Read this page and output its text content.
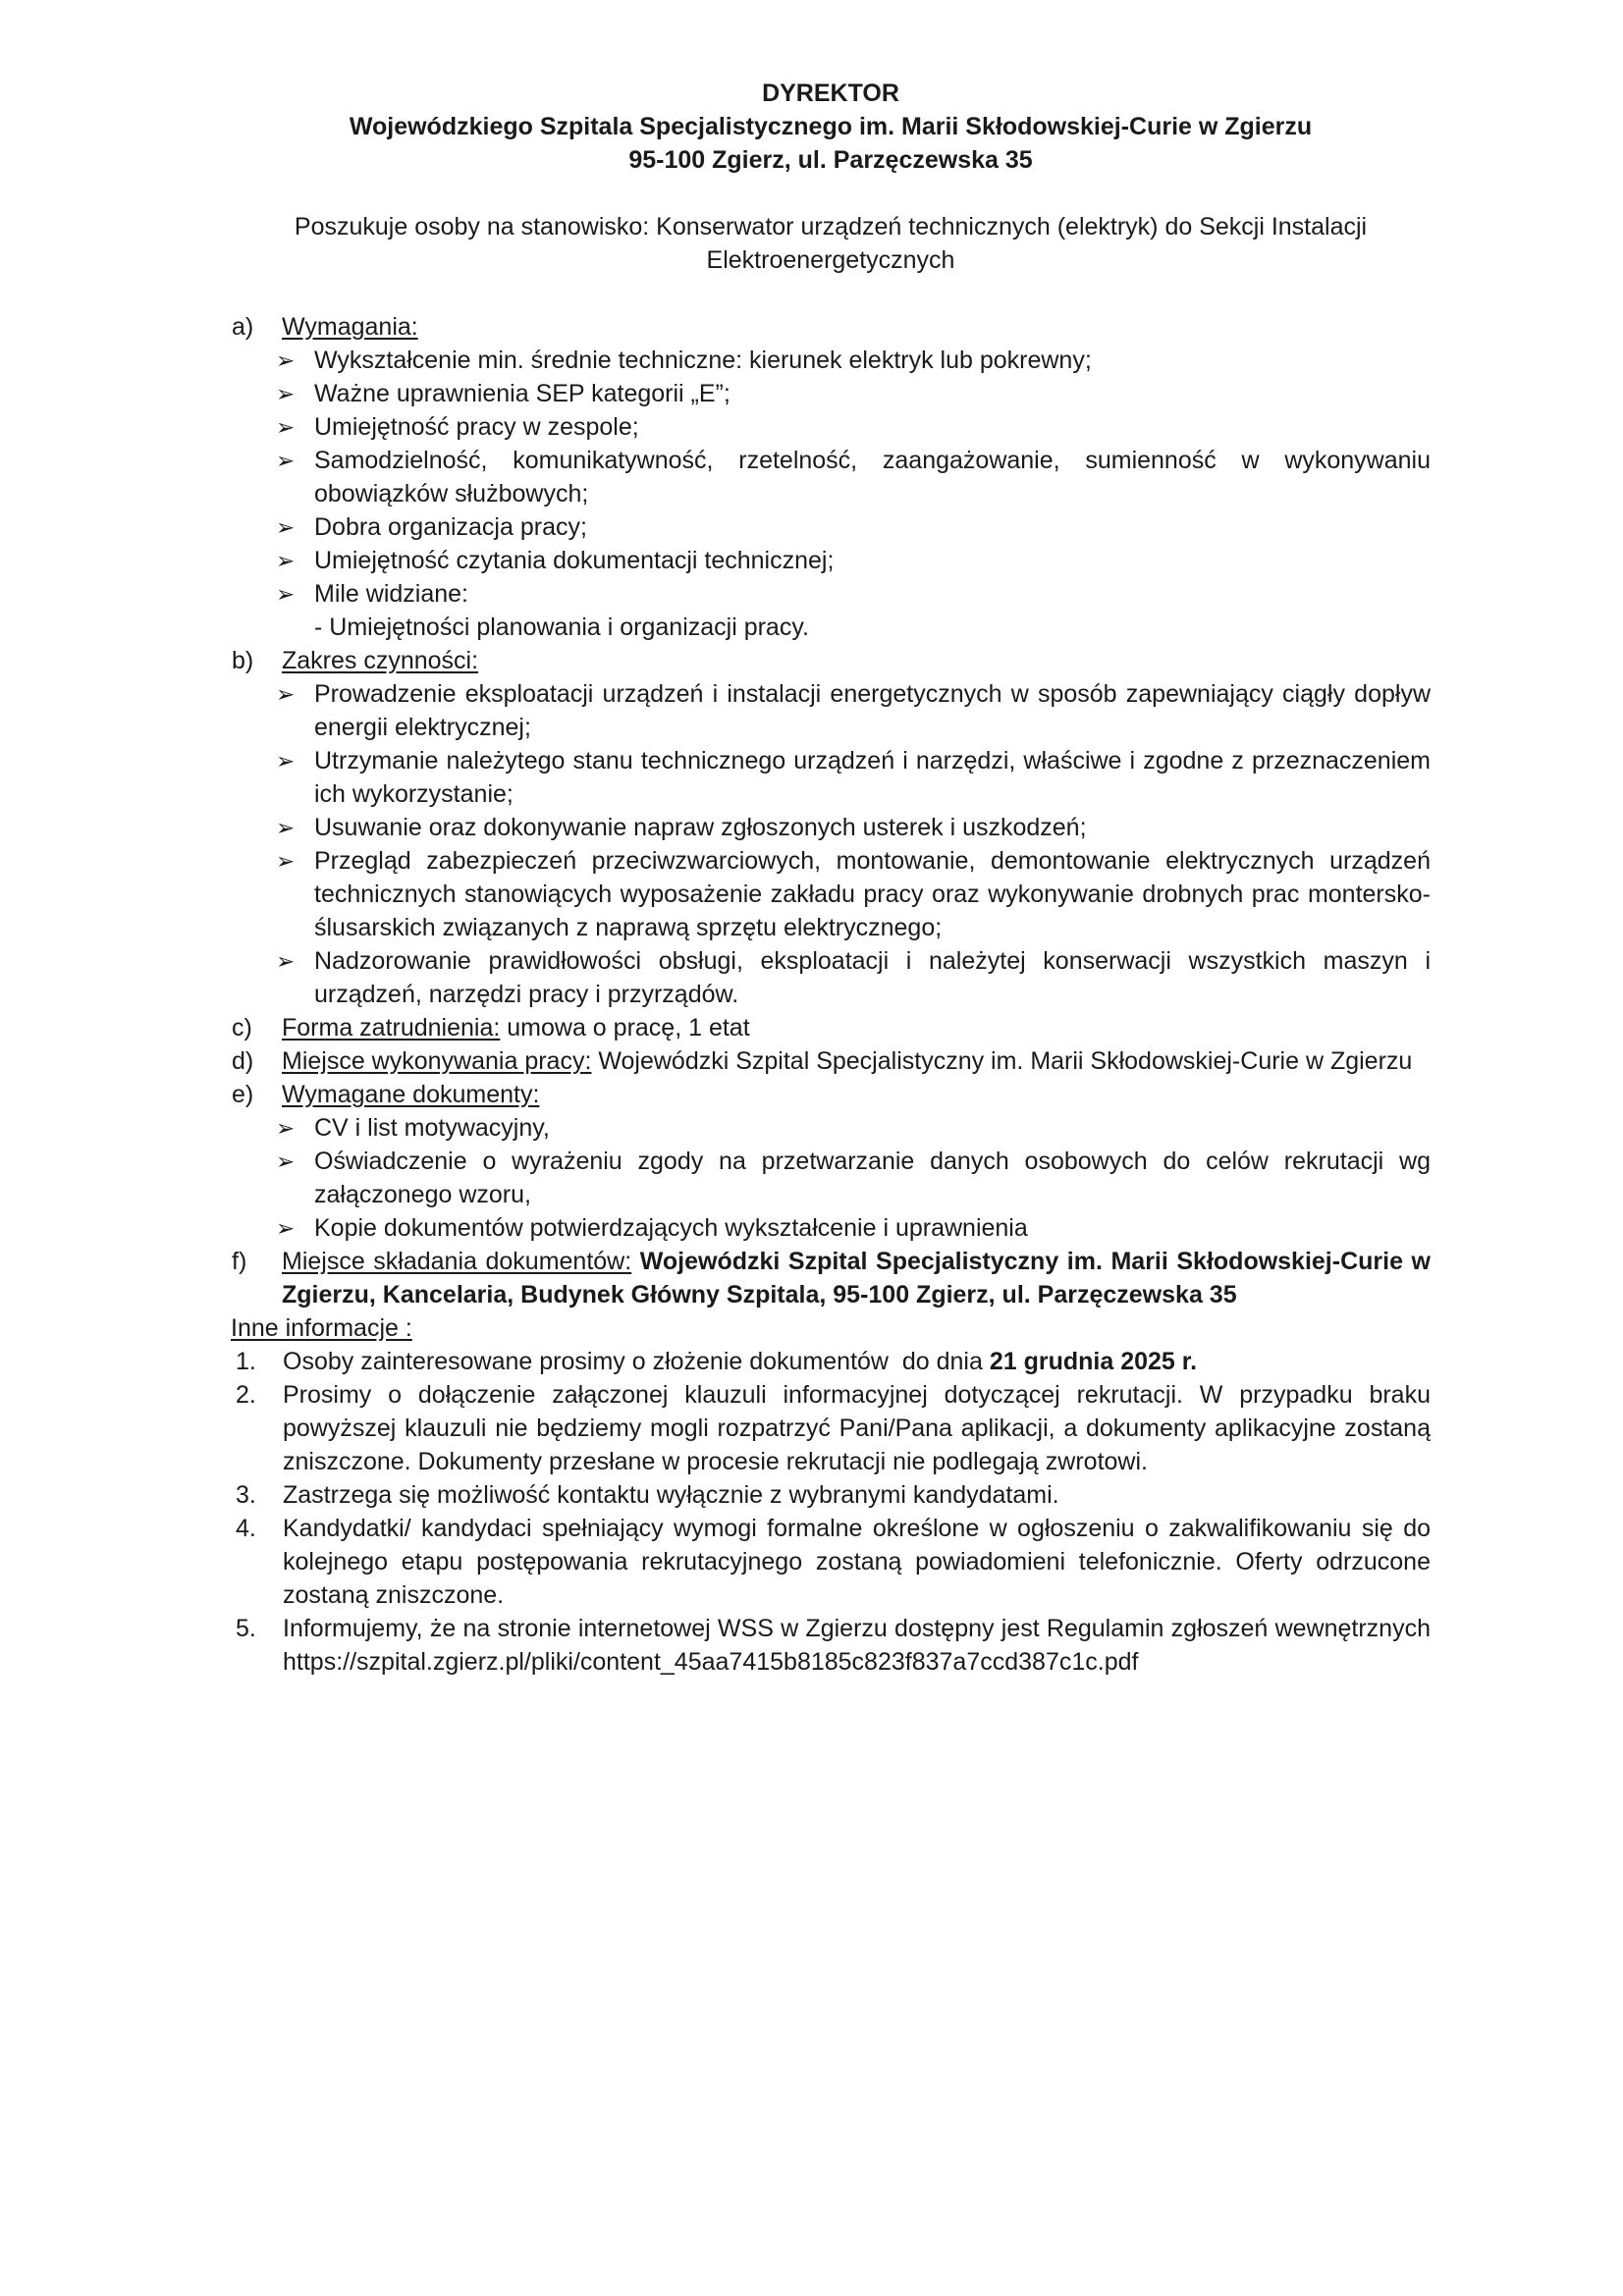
DYREKTOR
Wojewódzkiego Szpitala Specjalistycznego im. Marii Skłodowskiej-Curie w Zgierzu
95-100 Zgierz, ul. Parzęczewska 35

Poszukuje osoby na stanowisko: Konserwator urządzeń technicznych (elektryk) do Sekcji Instalacji Elektroenergetycznych

a) Wymagania:
➢ Wykształcenie min. średnie techniczne: kierunek elektryk lub pokrewny;
➢ Ważne uprawnienia SEP kategorii „E”;
➢ Umiejętność pracy w zespole;
➢ Samodzielność, komunikatywność, rzetelność, zaangażowanie, sumienność w wykonywaniu obowiązków służbowych;
➢ Dobra organizacja pracy;
➢ Umiejętność czytania dokumentacji technicznej;
➢ Mile widziane:
- Umiejętności planowania i organizacji pracy.
b) Zakres czynności:
➢ Prowadzenie eksploatacji urządzeń i instalacji energetycznych w sposób zapewniający ciągły dopływ energii elektrycznej;
➢ Utrzymanie należytego stanu technicznego urządzeń i narzędzi, właściwe i zgodne z przeznaczeniem ich wykorzystanie;
➢ Usuwanie oraz dokonywanie napraw zgłoszonych usterek i uszkodzeń;
➢ Przegląd zabezpieczeń przeciwzwarciowych, montowanie, demontowanie elektrycznych urządzeń technicznych stanowiących wyposażenie zakładu pracy oraz wykonywanie drobnych prac montersko-ślusarskich związanych z naprawą sprzętu elektrycznego;
➢ Nadzorowanie prawidłowości obsługi, eksploatacji i należytej konserwacji wszystkich maszyn i urządzeń, narzędzi pracy i przyrządów.
c) Forma zatrudnienia: umowa o pracę, 1 etat
d) Miejsce wykonywania pracy: Wojewódzki Szpital Specjalistyczny im. Marii Skłodowskiej-Curie w Zgierzu
e) Wymagane dokumenty:
➢ CV i list motywacyjny,
➢ Oświadczenie o wyrażeniu zgody na przetwarzanie danych osobowych do celów rekrutacji wg załączonego wzoru,
➢ Kopie dokumentów potwierdzających wykształcenie i uprawnienia
f) Miejsce składania dokumentów: Wojewódzki Szpital Specjalistyczny im. Marii Skłodowskiej-Curie w Zgierzu, Kancelaria, Budynek Główny Szpitala, 95-100 Zgierz, ul. Parzęczewska 35
Inne informacje :
1. Osoby zainteresowane prosimy o złożenie dokumentów  do dnia 21 grudnia 2025 r.
2. Prosimy o dołączenie załączonej klauzuli informacyjnej dotyczącej rekrutacji. W przypadku braku powyższej klauzuli nie będziemy mogli rozpatrzyć Pani/Pana aplikacji, a dokumenty aplikacyjne zostaną zniszczone. Dokumenty przesłane w procesie rekrutacji nie podlegają zwrotowi.
3. Zastrzega się możliwość kontaktu wyłącznie z wybranymi kandydatami.
4. Kandydatki/ kandydaci spełniający wymogi formalne określone w ogłoszeniu o zakwalifikowaniu się do kolejnego etapu postępowania rekrutacyjnego zostaną powiadomieni telefonicznie. Oferty odrzucone zostaną zniszczone.
5. Informujemy, że na stronie internetowej WSS w Zgierzu dostępny jest Regulamin zgłoszeń wewnętrznych https://szpital.zgierz.pl/pliki/content_45aa7415b8185c823f837a7ccd387c1c.pdf
